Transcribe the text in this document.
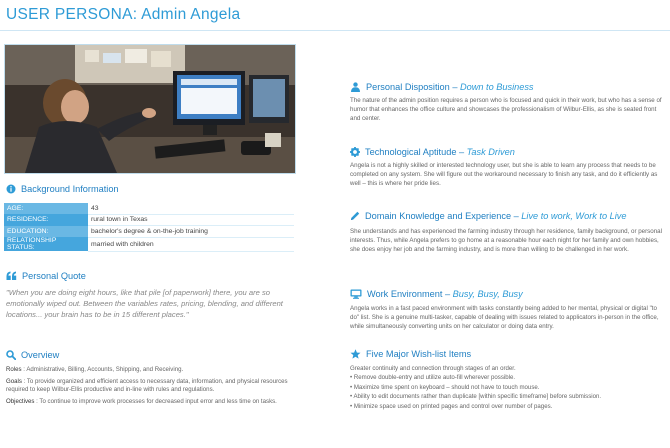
USER PERSONA: Admin Angela
Background Information
AGE:	43
RESIDENCE:	rural town in Texas
EDUCATION:	bachelor's degree & on-the-job training
RELATIONSHIP STATUS:	married with children
Personal Quote
"When you are doing eight hours, like that pile [of paperwork] there, you are so emotionally wiped out. Between the variables rates, pricing, blending, and different locations... your brain has to be in 15 different places."
Overview
Roles : Administrative, Billing, Accounts, Shipping, and Receiving.
Goals : To provide organized and efficient access to necessary data, information, and physical resources required to keep Wilbur-Ellis productive and in-line with rules and regulations.
Objectives : To continue to improve work processes for decreased input error and less time on tasks.
Personal Disposition – Down to Business
The nature of the admin position requires a person who is focused and quick in their work, but who has a sense of humor that enhances the office culture and showcases the professionalism of Wilbur-Ellis, as she is seated front and center.
Technological Aptitude – Task Driven
Angela is not a highly skilled or interested technology user, but she is able to learn any process that needs to be completed on any system. She will figure out the workaround necessary to finish any task, and do it efficiently as well – this is where her pride lies.
Domain Knowledge and Experience – Live to work, Work to Live
She understands and has experienced the farming industry through her residence, family background, or personal interests. Thus, while Angela prefers to go home at a reasonable hour each night for her family and own hobbies, she does enjoy her job and the farming industry, and is more than willing to be challenged in her work.
Work Environment – Busy, Busy, Busy
Angela works in a fast paced environment with tasks constantly being added to her mental, physical or digital "to do" list. She is a genuine multi-tasker, capable of dealing with issues related to applicators in-person in the office, while simultaneously converting units on her calculator or doing data entry.
Five Major Wish-list Items
Greater continuity and connection through stages of an order.
• Remove double-entry and utilize auto-fill wherever possible.
• Maximize time spent on keyboard – should not have to touch mouse.
• Ability to edit documents rather than duplicate [within specific timeframe] before submission.
• Minimize space used on printed pages and control over number of pages.
